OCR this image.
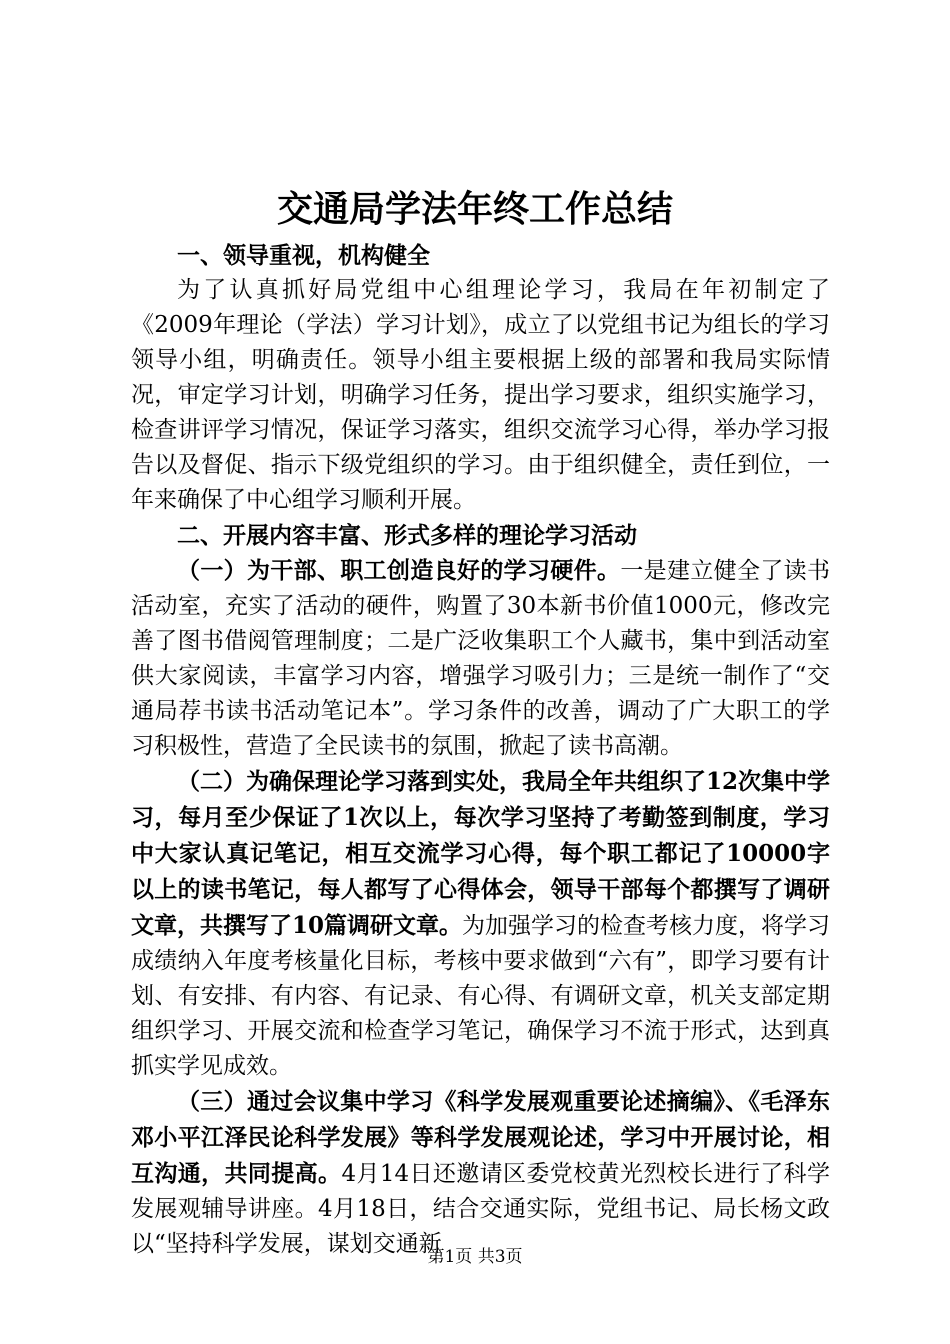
交通局学法年终工作总结

一、领导重视，机构健全

为了认真抓好局党组中心组理论学习，我局在年初制定了《2009年理论（学法）学习计划》，成立了以党组书记为组长的学习领导小组，明确责任。领导小组主要根据上级的部署和我局实际情况，审定学习计划，明确学习任务，提出学习要求，组织实施学习，检查讲评学习情况，保证学习落实，组织交流学习心得，举办学习报告以及督促、指示下级党组织的学习。由于组织健全，责任到位，一年来确保了中心组学习顺利开展。

二、开展内容丰富、形式多样的理论学习活动

（一）为干部、职工创造良好的学习硬件。一是建立健全了读书活动室，充实了活动的硬件，购置了30本新书价值1000元，修改完善了图书借阅管理制度；二是广泛收集职工个人藏书，集中到活动室供大家阅读，丰富学习内容，增强学习吸引力；三是统一制作了“交通局荐书读书活动笔记本”。学习条件的改善，调动了广大职工的学习积极性，营造了全民读书的氛围，掀起了读书高潮。

（二）为确保理论学习落到实处，我局全年共组织了12次集中学习，每月至少保证了1次以上，每次学习坚持了考勤签到制度，学习中大家认真记笔记，相互交流学习心得，每个职工都记了10000字以上的读书笔记，每人都写了心得体会，领导干部每个都撰写了调研文章，共撰写了10篇调研文章。为加强学习的检查考核力度，将学习成绩纳入年度考核量化目标，考核中要求做到“六有”，即学习要有计划、有安排、有内容、有记录、有心得、有调研文章，机关支部定期组织学习、开展交流和检查学习笔记，确保学习不流于形式，达到真抓实学见成效。

（三）通过会议集中学习《科学发展观重要论述摘编》、《毛泽东邓小平江泽民论科学发展》等科学发展观论述，学习中开展讨论，相互沟通，共同提高。4月14日还邀请区委党校黄光烈校长进行了科学发展观辅导讲座。4月18日，结合交通实际，党组书记、局长杨文政以“坚持科学发展，谋划交通新

第1页 共3页
